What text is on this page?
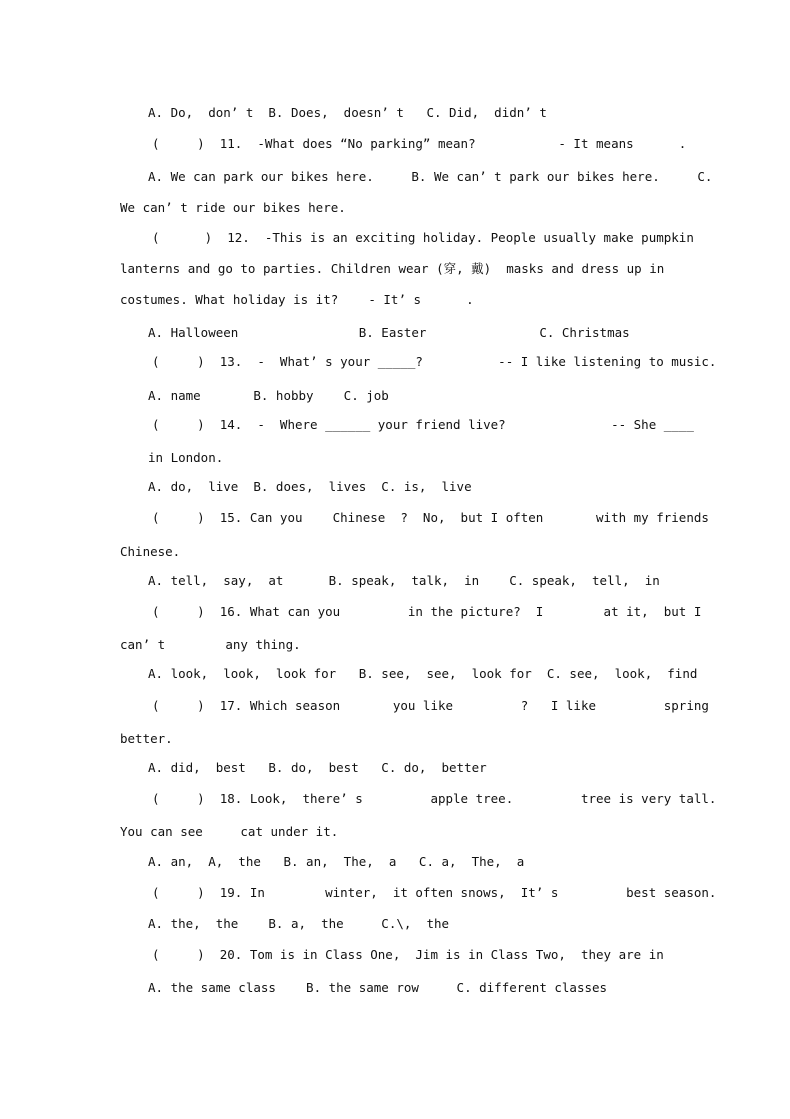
A. Do,  don’ t  B. Does,  doesn’ t   C. Did,  didn’ t
(     )  11.  -What does “No parking” mean?           - It means      .
A. We can park our bikes here.     B. We can’ t park our bikes here.     C.
We can’ t ride our bikes here.
(      )  12.  -This is an exciting holiday. People usually make pumpkin
lanterns and go to parties. Children wear (穿, 戴)  masks and dress up in
costumes. What holiday is it?    - It’ s      .
A. Halloween                B. Easter               C. Christmas
(     )  13.  -  What’ s your _____?          -- I like listening to music.
A. name       B. hobby    C. job
(     )  14.  -  Where ______ your friend live?              -- She ____
in London.
A. do,  live  B. does,  lives  C. is,  live
(     )  15. Can you    Chinese  ?  No,  but I often       with my friends
Chinese.
A. tell,  say,  at      B. speak,  talk,  in    C. speak,  tell,  in
(     )  16. What can you         in the picture?  I        at it,  but I
can’ t        any thing.
A. look,  look,  look for   B. see,  see,  look for  C. see,  look,  find
(     )  17. Which season       you like         ?   I like         spring
better.
A. did,  best   B. do,  best   C. do,  better
(     )  18. Look,  there’ s         apple tree.         tree is very tall.
You can see     cat under it.
A. an,  A,  the   B. an,  The,  a   C. a,  The,  a
(     )  19. In        winter,  it often snows,  It’ s         best season.
A. the,  the    B. a,  the     C.\,  the
(     )  20. Tom is in Class One,  Jim is in Class Two,  they are in
A. the same class    B. the same row     C. different classes
